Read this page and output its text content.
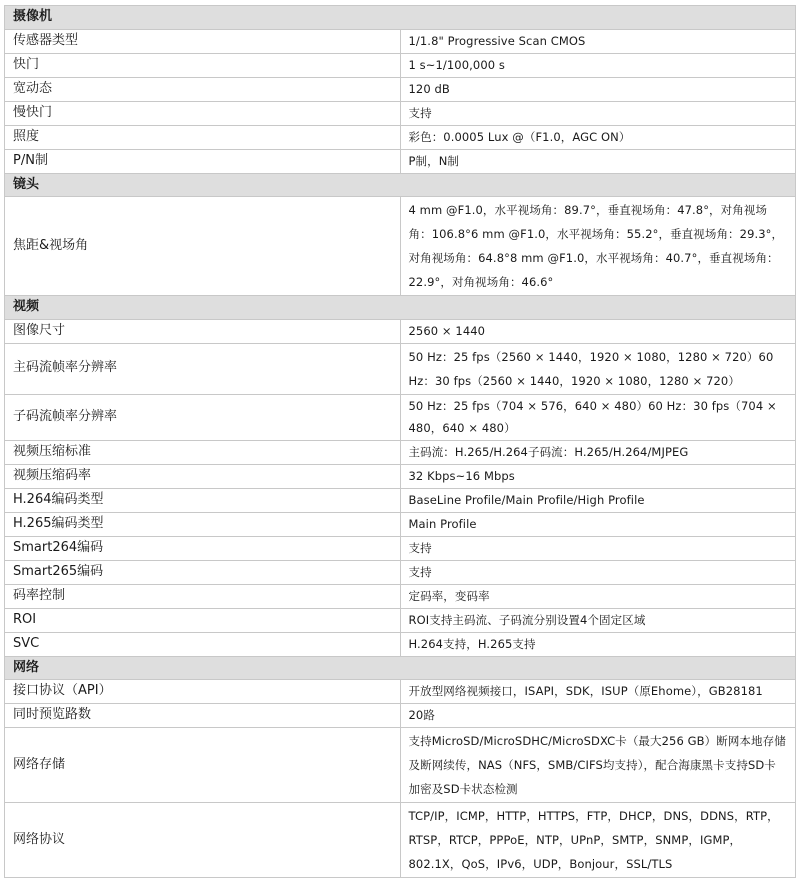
摄像机	
传感器类型	1/1.8" Progressive Scan CMOS
快门	1 s~1/100,000 s
宽动态	120 dB
慢快门	支持
照度	彩色：0.0005 Lux @（F1.0，AGC ON）
P/N制	P制，N制
镜头	
焦距&视场角	4 mm @F1.0，水平视场角：89.7°，垂直视场角：47.8°，对角视场角：106.8°6 mm @F1.0，水平视场角：55.2°，垂直视场角：29.3°，对角视场角：64.8°8 mm @F1.0，水平视场角：40.7°，垂直视场角：22.9°，对角视场角：46.6°
视频	
图像尺寸	2560 × 1440
主码流帧率分辨率	50 Hz：25 fps（2560 × 1440，1920 × 1080，1280 × 720）60 Hz：30 fps（2560 × 1440，1920 × 1080，1280 × 720）
子码流帧率分辨率	50 Hz：25 fps（704 × 576，640 × 480）60 Hz：30 fps（704 × 480，640 × 480）
视频压缩标准	主码流：H.265/H.264子码流：H.265/H.264/MJPEG
视频压缩码率	32 Kbps~16 Mbps
H.264编码类型	BaseLine Profile/Main Profile/High Profile
H.265编码类型	Main Profile
Smart264编码	支持
Smart265编码	支持
码率控制	定码率，变码率
ROI	ROI支持主码流、子码流分别设置4个固定区域
SVC	H.264支持，H.265支持
网络	
接口协议（API）	开放型网络视频接口，ISAPI，SDK，ISUP（原Ehome），GB28181
同时预览路数	20路
网络存储	支持MicroSD/MicroSDHC/MicroSDXC卡（最大256 GB）断网本地存储及断网续传，NAS（NFS，SMB/CIFS均支持），配合海康黑卡支持SD卡加密及SD卡状态检测
网络协议	TCP/IP，ICMP，HTTP，HTTPS，FTP，DHCP，DNS，DDNS，RTP，RTSP，RTCP，PPPoE，NTP，UPnP，SMTP，SNMP，IGMP，802.1X，QoS，IPv6，UDP，Bonjour，SSL/TLS
